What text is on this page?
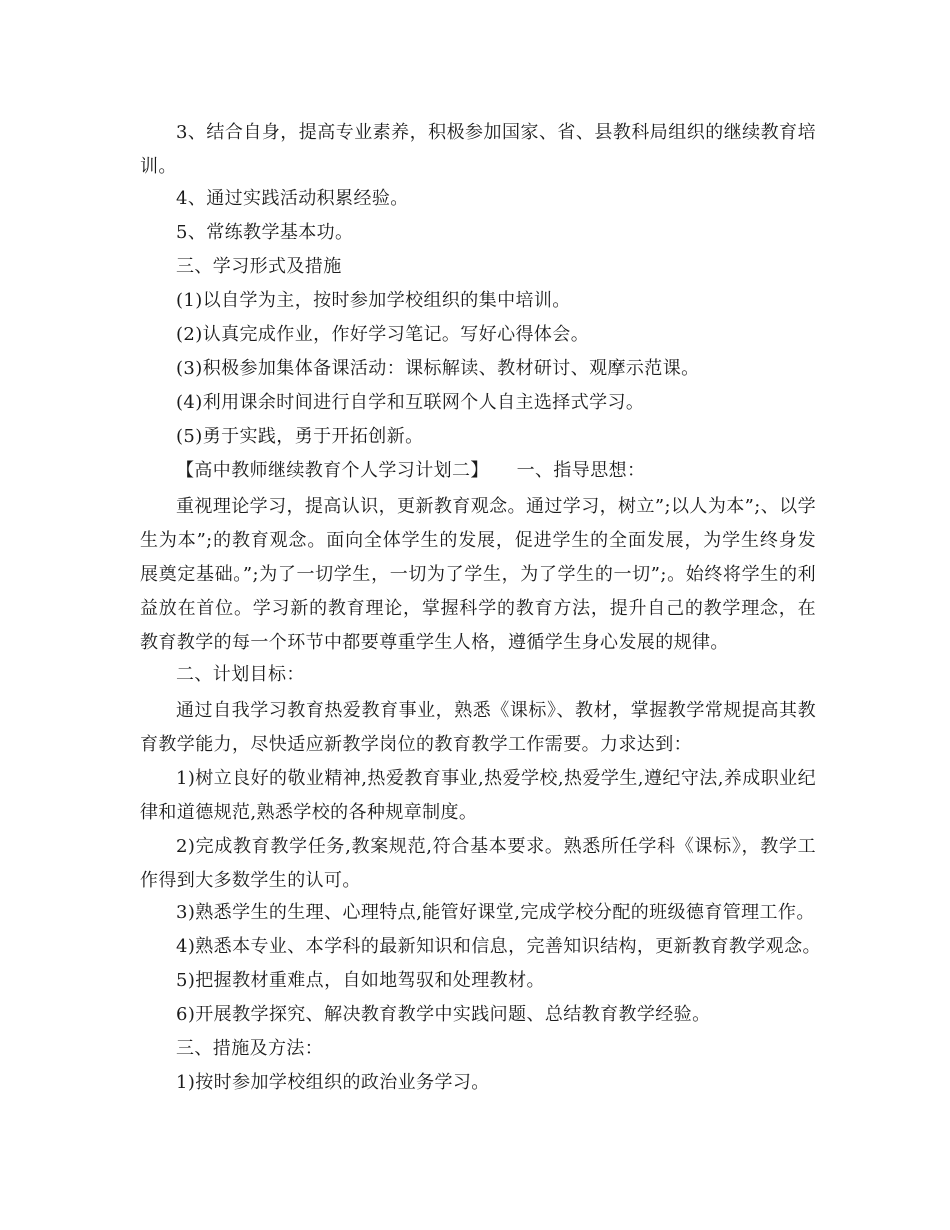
3、结合自身，提高专业素养，积极参加国家、省、县教科局组织的继续教育培训。

4、通过实践活动积累经验。

5、常练教学基本功。

三、学习形式及措施

(1)以自学为主，按时参加学校组织的集中培训。

(2)认真完成作业，作好学习笔记。写好心得体会。

(3)积极参加集体备课活动：课标解读、教材研讨、观摩示范课。

(4)利用课余时间进行自学和互联网个人自主选择式学习。

(5)勇于实践，勇于开拓创新。

【高中教师继续教育个人学习计划二】　　一、指导思想：

重视理论学习，提高认识，更新教育观念。通过学习，树立”;以人为本”;、以学生为本”;的教育观念。面向全体学生的发展，促进学生的全面发展，为学生终身发展奠定基础。”;为了一切学生，一切为了学生，为了学生的一切”;。始终将学生的利益放在首位。学习新的教育理论，掌握科学的教育方法，提升自己的教学理念，在教育教学的每一个环节中都要尊重学生人格，遵循学生身心发展的规律。

二、计划目标：

通过自我学习教育热爱教育事业，熟悉《课标》、教材，掌握教学常规提高其教育教学能力，尽快适应新教学岗位的教育教学工作需要。力求达到：

1)树立良好的敬业精神,热爱教育事业,热爱学校,热爱学生,遵纪守法,养成职业纪律和道德规范,熟悉学校的各种规章制度。

2)完成教育教学任务,教案规范,符合基本要求。熟悉所任学科《课标》，教学工作得到大多数学生的认可。

3)熟悉学生的生理、心理特点,能管好课堂,完成学校分配的班级德育管理工作。

4)熟悉本专业、本学科的最新知识和信息，完善知识结构，更新教育教学观念。

5)把握教材重难点，自如地驾驭和处理教材。

6)开展教学探究、解决教育教学中实践问题、总结教育教学经验。

三、措施及方法：

1)按时参加学校组织的政治业务学习。
